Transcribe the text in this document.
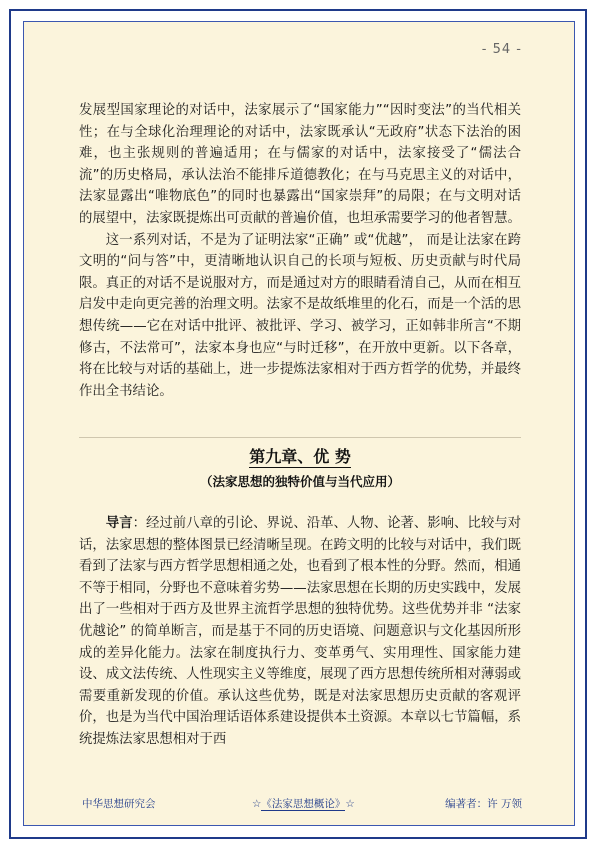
- 54 -

发展型国家理论的对话中，法家展示了“国家能力”“因时变法”的当代相关性；在与全球化治理理论的对话中，法家既承认“无政府”状态下法治的困难，也主张规则的普遍适用；在与儒家的对话中，法家接受了“儒法合流”的历史格局，承认法治不能排斥道德教化；在与马克思主义的对话中，法家显露出“唯物底色”的同时也暴露出“国家崇拜”的局限；在与文明对话的展望中，法家既提炼出可贡献的普遍价值，也坦承需要学习的他者智慧。

这一系列对话，不是为了证明法家“正确” 或“优越”， 而是让法家在跨文明的“问与答”中，更清晰地认识自己的长项与短板、历史贡献与时代局限。真正的对话不是说服对方，而是通过对方的眼睛看清自己，从而在相互启发中走向更完善的治理文明。法家不是故纸堆里的化石，而是一个活的思想传统——它在对话中批评、被批评、学习、被学习，正如韩非所言“不期修古，不法常可”，法家本身也应“与时迁移”，在开放中更新。以下各章，将在比较与对话的基础上，进一步提炼法家相对于西方哲学的优势，并最终作出全书结论。

第九章、优 势
（法家思想的独特价值与当代应用）

导言：经过前八章的引论、界说、沿革、人物、论著、影响、比较与对话，法家思想的整体图景已经清晰呈现。在跨文明的比较与对话中，我们既看到了法家与西方哲学思想相通之处，也看到了根本性的分野。然而，相通不等于相同，分野也不意味着劣势——法家思想在长期的历史实践中，发展出了一些相对于西方及世界主流哲学思想的独特优势。这些优势并非 “法家优越论” 的简单断言，而是基于不同的历史语境、问题意识与文化基因所形成的差异化能力。法家在制度执行力、变革勇气、实用理性、国家能力建设、成文法传统、人性现实主义等维度，展现了西方思想传统所相对薄弱或需要重新发现的价值。承认这些优势，既是对法家思想历史贡献的客观评价，也是为当代中国治理话语体系建设提供本土资源。本章以七节篇幅，系统提炼法家思想相对于西

中华思想研究会	☆《法家思想概论》☆	编著者：许 万领
